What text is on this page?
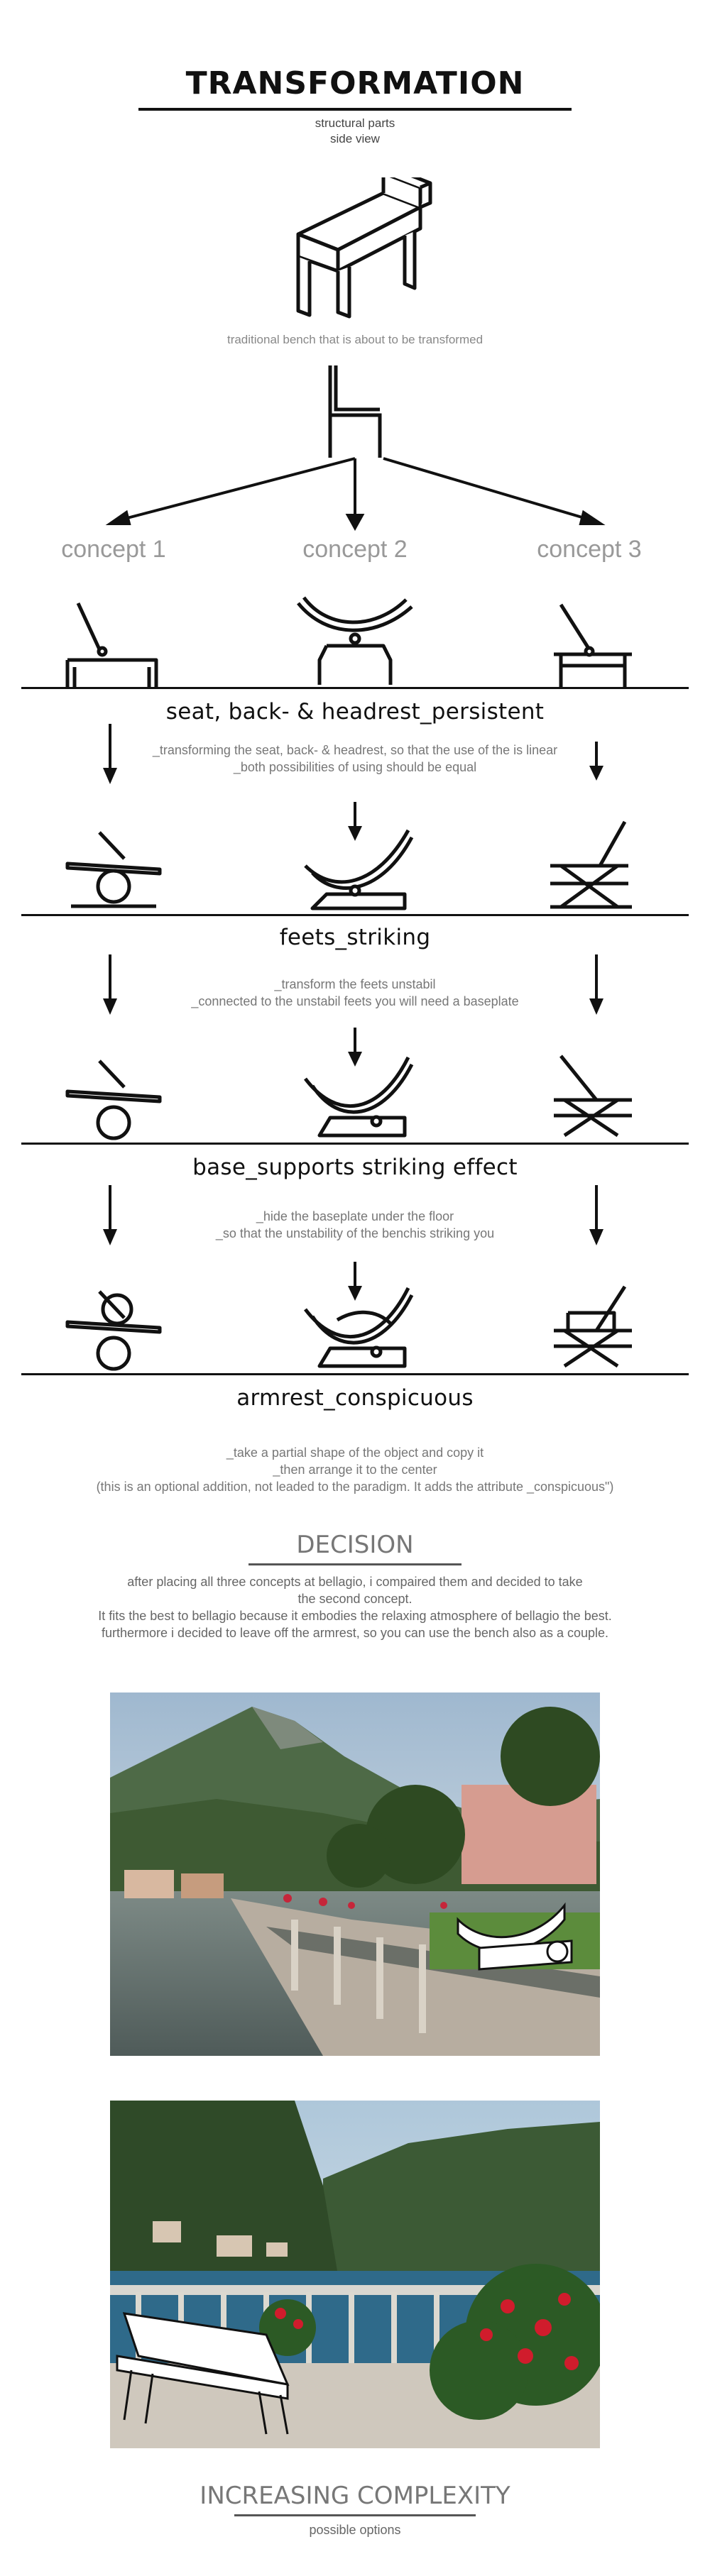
TRANSFORMATION
structural parts
side view
traditional bench that is about to be transformed
concept 1	concept 2	concept 3
seat, back- & headrest_persistent
_transforming the seat, back- & headrest, so that the use of the is linear
_both possibilities of using should be equal
feets_striking
_transform the feets unstabil
_connected to the unstabil feets you will need a baseplate
base_supports striking effect
_hide the baseplate under the floor
_so that the unstability of the benchis striking you
armrest_conspicuous
_take a partial shape of the object and copy it
_then arrange it to the center
(this is an optional addition, not leaded to the paradigm. It adds the attribute _conspicuous")
DECISION
after placing all three concepts at bellagio, i compaired them and decided to take
the second concept.
It fits the best to bellagio because it embodies the relaxing atmosphere of bellagio the best.
furthermore i decided to leave off the armrest, so you can use the bench also as a couple.
INCREASING COMPLEXITY
possible options
